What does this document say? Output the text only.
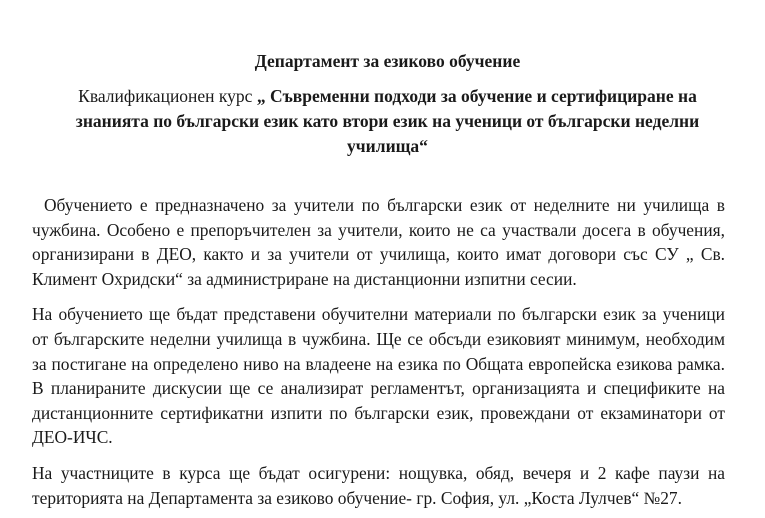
Департамент за езиково обучение
Квалификационен курс „ Съвременни подходи за обучение и сертифициране на знанията по български език като втори език на ученици от български неделни училища“

Обучението е предназначено за учители по български език от неделните ни училища в чужбина. Особено е препоръчителен за учители, които не са участвали досега в обучения, организирани в ДЕО, както и за учители от училища, които имат договори със СУ „ Св. Климент Охридски“ за администриране на дистанционни изпитни сесии.

На обучението ще бъдат представени обучителни материали по български език за ученици от българските неделни училища в чужбина. Ще се обсъди езиковият минимум, необходим за постигане на определено ниво на владеене на езика по Общата европейска езикова рамка. В планираните дискусии ще се анализират регламентът, организацията и спецификите на дистанционните сертификатни изпити по български език, провеждани от екзаминатори от ДЕО-ИЧС.

На участниците в курса ще бъдат осигурени: нощувка, обяд, вечеря и 2 кафе паузи на територията на Департамента за езиково обучение- гр. София, ул. „Коста Лулчев“ №27.
